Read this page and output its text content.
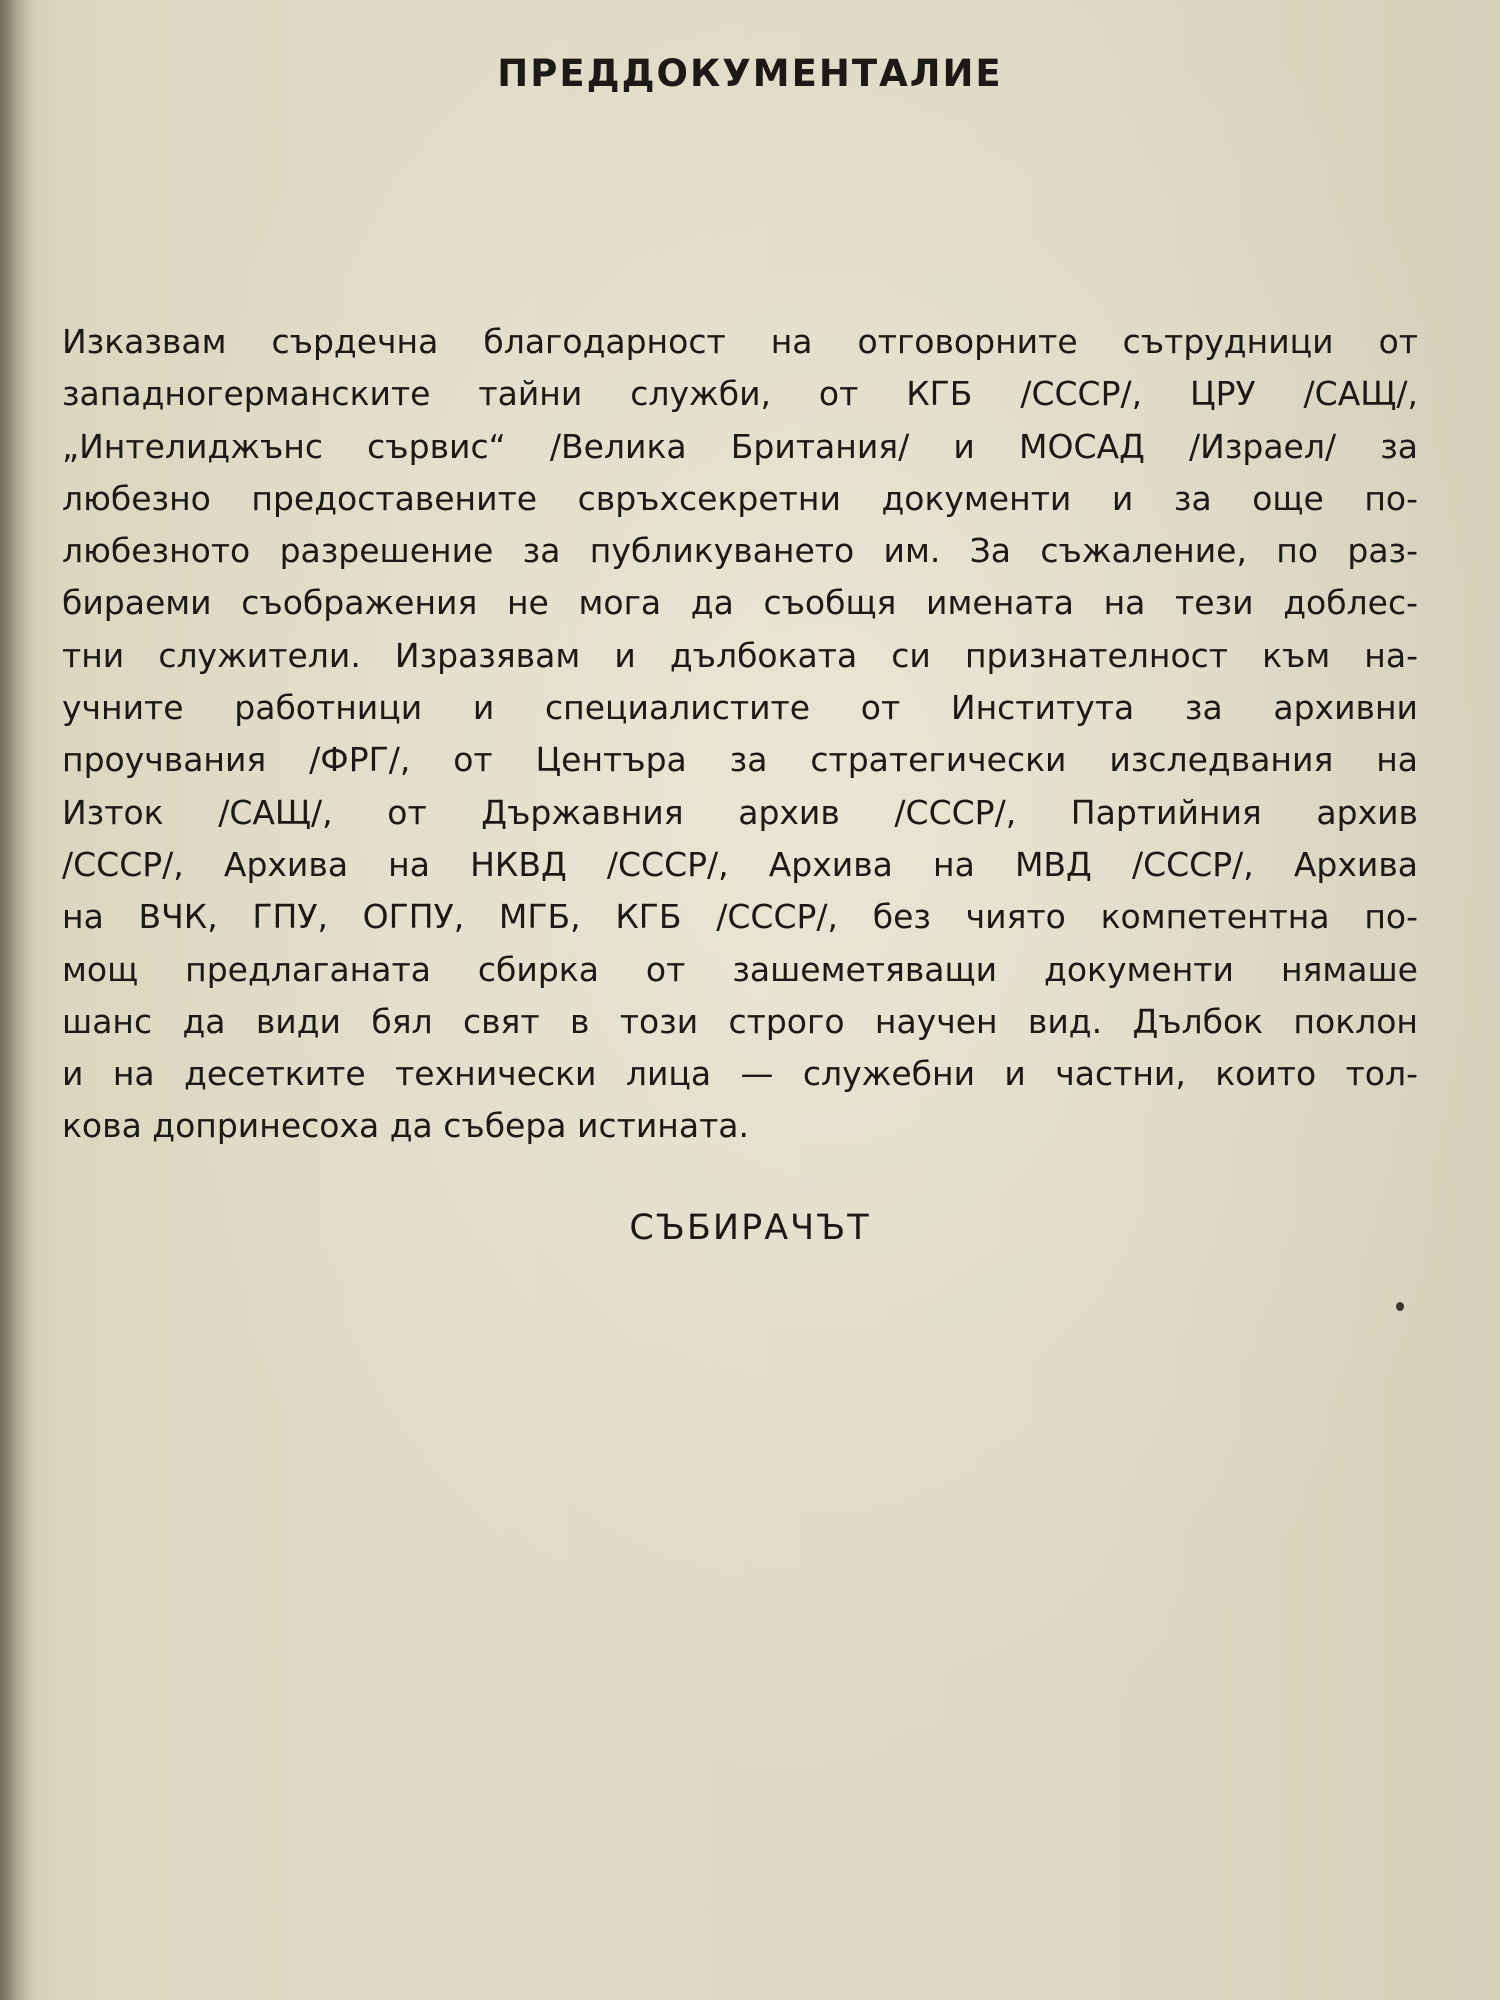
ПРЕДДОКУМЕНТАЛИЕ
Изказвам сърдечна благодарност на отговорните сътрудници от
западногерманските тайни служби, от КГБ /СССР/, ЦРУ /САЩ/,
„Интелиджънс сървис“ /Велика Британия/ и МОСАД /Израел/ за
любезно предоставените свръхсекретни документи и за още по-
любезното разрешение за публикуването им. За съжаление, по раз-
бираеми съображения не мога да съобщя имената на тези доблес-
тни служители. Изразявам и дълбоката си признателност към на-
учните работници и специалистите от Института за архивни
проучвания /ФРГ/, от Центъра за стратегически изследвания на
Изток /САЩ/, от Държавния архив /СССР/, Партийния архив
/СССР/, Архива на НКВД /СССР/, Архива на МВД /СССР/, Архива
на ВЧК, ГПУ, ОГПУ, МГБ, КГБ /СССР/, без чиято компетентна по-
мощ предлаганата сбирка от зашеметяващи документи нямаше
шанс да види бял свят в този строго научен вид. Дълбок поклон
и на десетките технически лица — служебни и частни, които тол-
кова допринесоха да събера истината.

СЪБИРАЧЪТ
